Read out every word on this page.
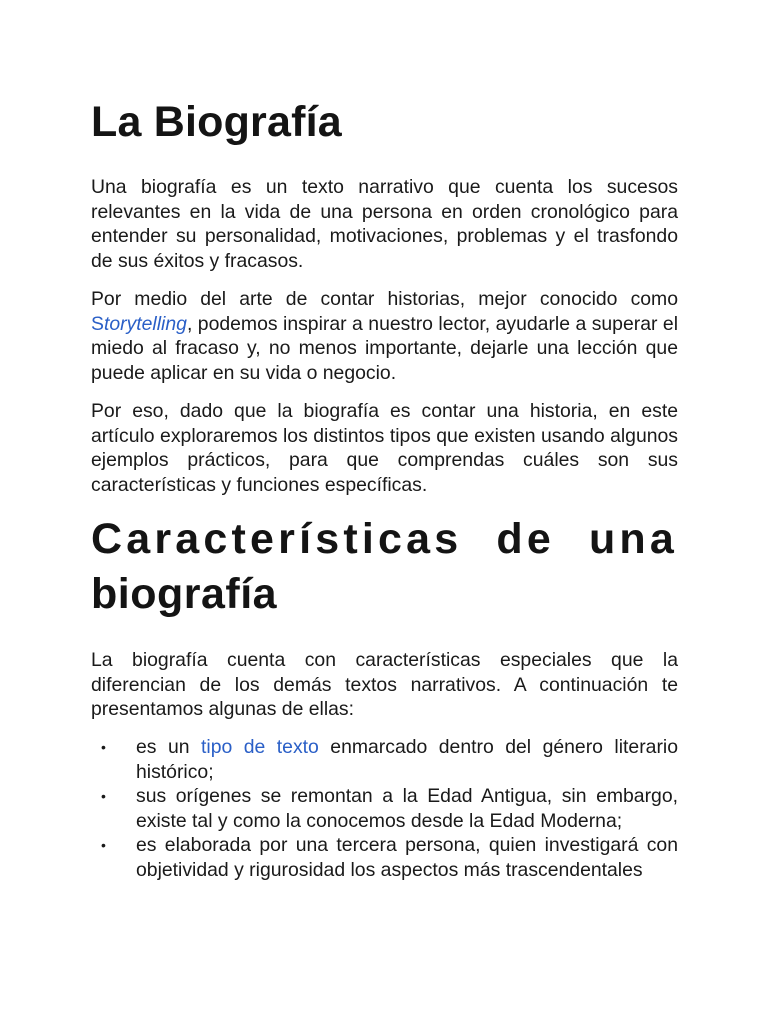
La Biografía

Una biografía es un texto narrativo que cuenta los sucesos relevantes en la vida de una persona en orden cronológico para entender su personalidad, motivaciones, problemas y el trasfondo de sus éxitos y fracasos.

Por medio del arte de contar historias, mejor conocido como Storytelling, podemos inspirar a nuestro lector, ayudarle a superar el miedo al fracaso y, no menos importante, dejarle una lección que puede aplicar en su vida o negocio.

Por eso, dado que la biografía es contar una historia, en este artículo exploraremos los distintos tipos que existen usando algunos ejemplos prácticos, para que comprendas cuáles son sus características y funciones específicas.

Características de una
biografía

La biografía cuenta con características especiales que la diferencian de los demás textos narrativos. A continuación te presentamos algunas de ellas:

• es un tipo de texto enmarcado dentro del género literario histórico;
• sus orígenes se remontan a la Edad Antigua, sin embargo, existe tal y como la conocemos desde la Edad Moderna;
• es elaborada por una tercera persona, quien investigará con objetividad y rigurosidad los aspectos más trascendentales
